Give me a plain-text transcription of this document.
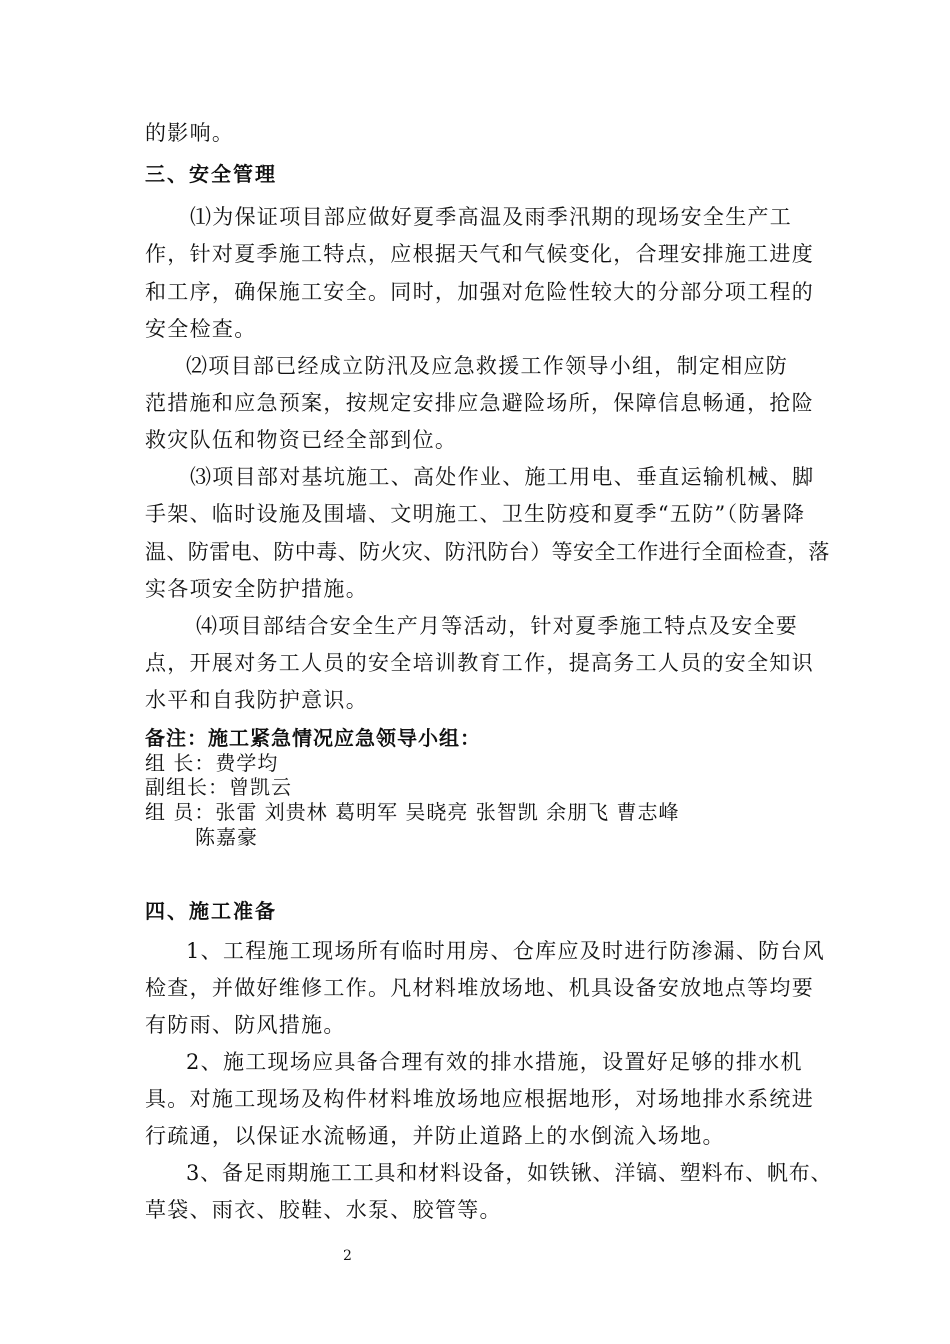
的影响。
三、安全管理
⑴为保证项目部应做好夏季高温及雨季汛期的现场安全生产工
作，针对夏季施工特点，应根据天气和气候变化，合理安排施工进度
和工序，确保施工安全。同时，加强对危险性较大的分部分项工程的
安全检查。
⑵项目部已经成立防汛及应急救援工作领导小组，制定相应防
范措施和应急预案，按规定安排应急避险场所，保障信息畅通，抢险
救灾队伍和物资已经全部到位。
⑶项目部对基坑施工、高处作业、施工用电、垂直运输机械、脚
手架、临时设施及围墙、文明施工、卫生防疫和夏季“五防”（防暑降
温、防雷电、防中毒、防火灾、防汛防台）等安全工作进行全面检查，落
实各项安全防护措施。
⑷项目部结合安全生产月等活动，针对夏季施工特点及安全要
点，开展对务工人员的安全培训教育工作，提高务工人员的安全知识
水平和自我防护意识。
备注：施工紧急情况应急领导小组：
组 长：费学均
副组长：曾凯云
组 员：张雷 刘贵林 葛明军 吴晓亮 张智凯 余朋飞 曹志峰
陈嘉豪
四、施工准备
1、工程施工现场所有临时用房、仓库应及时进行防渗漏、防台风
检查，并做好维修工作。凡材料堆放场地、机具设备安放地点等均要
有防雨、防风措施。
2、施工现场应具备合理有效的排水措施，设置好足够的排水机
具。对施工现场及构件材料堆放场地应根据地形，对场地排水系统进
行疏通，以保证水流畅通，并防止道路上的水倒流入场地。
3、备足雨期施工工具和材料设备，如铁锹、洋镐、塑料布、帆布、
草袋、雨衣、胶鞋、水泵、胶管等。
2
